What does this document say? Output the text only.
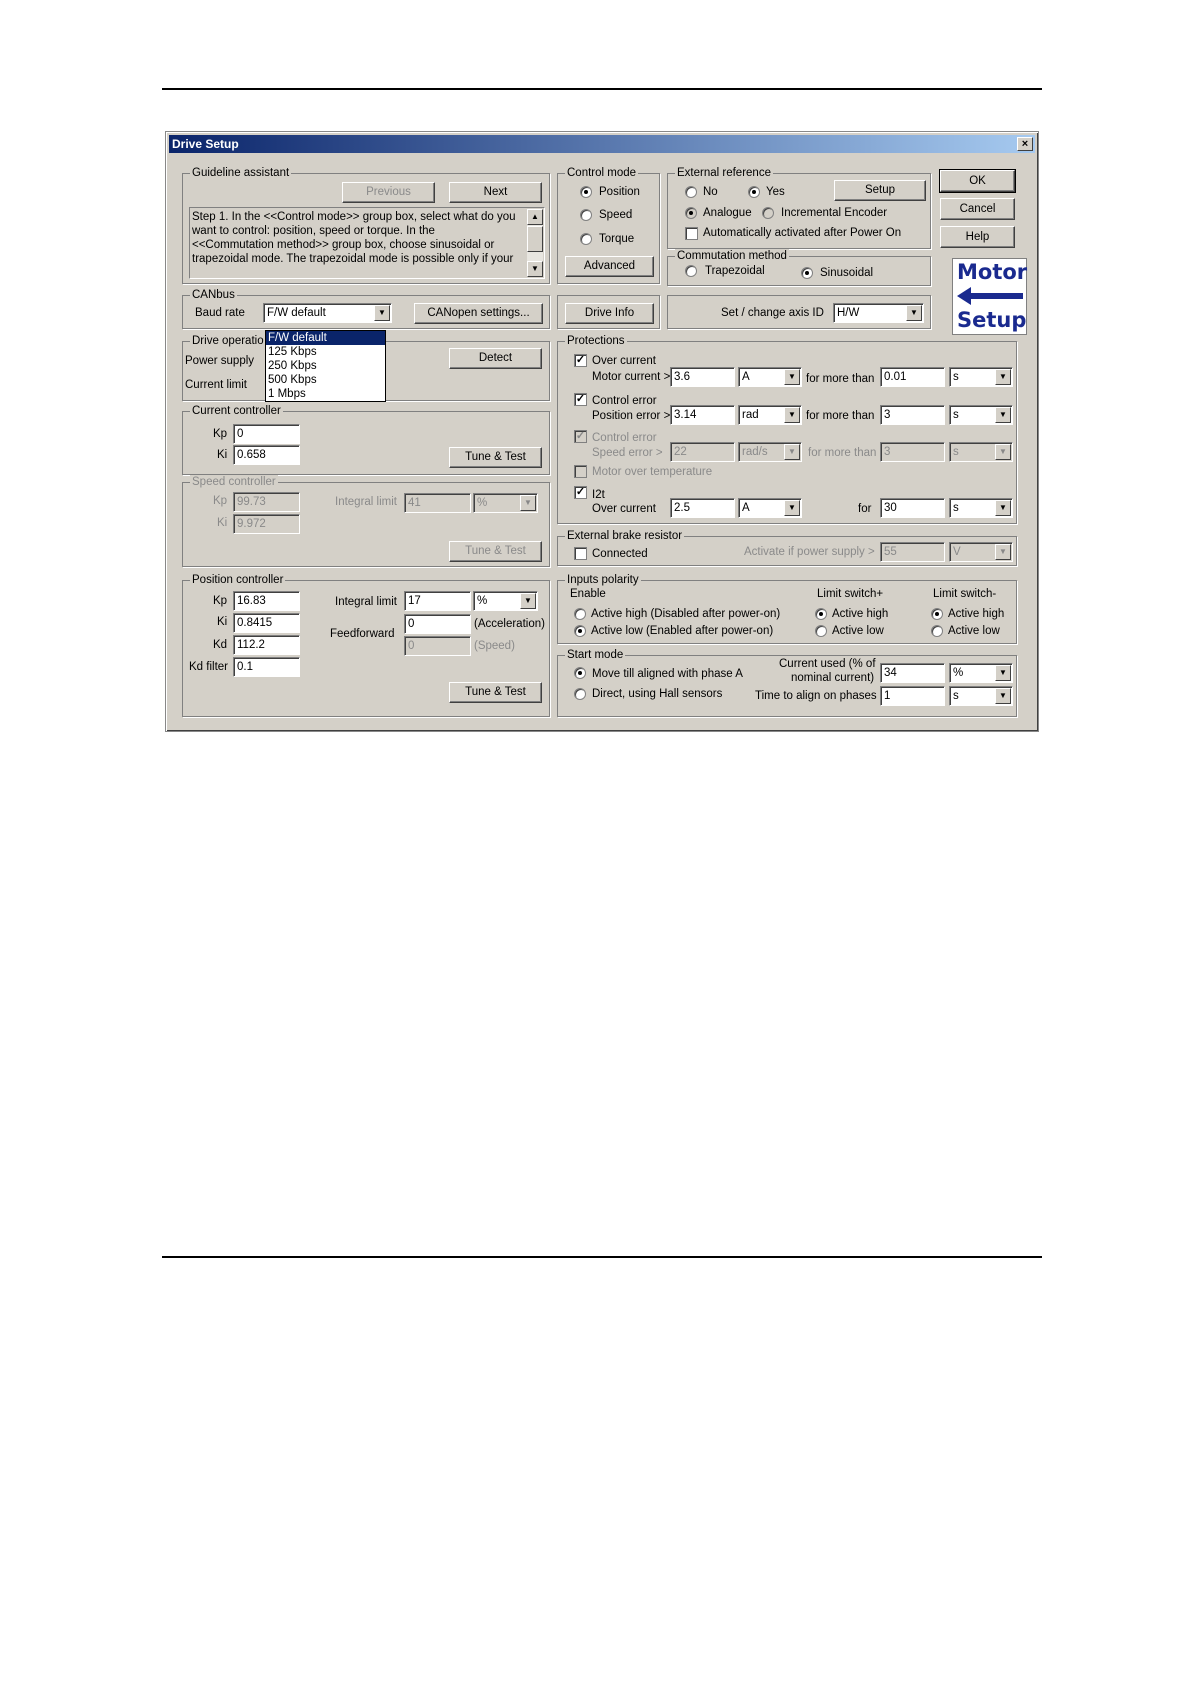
Drive Setup	×
Guideline assistant
Previous	Next
Step 1. In the <<Control mode>> group box, select what do you want to control: position, speed or torque. In the <<Commutation method>> group box, choose sinusoidal or trapezoidal mode. The trapezoidal mode is possible only if your
▲
▼
Control mode
Position
Speed
Torque
Advanced
External reference
No	Yes	Setup
Analogue	Incremental Encoder
Automatically activated after Power On
OK
Cancel
Help
Commutation method
Trapezoidal	Sinusoidal	Motor
Setup
CANbus
Baud rate	F/W default	▼	CANopen settings...	Drive Info	Set / change axis ID	H/W	▼
Drive operatio
Power supply
Current limit
Detect
Current controller
Kp 0
Ki 0.658	Tune & Test
Speed controller
Kp 99.73
Ki 9.972
Integral limit 41	%	▼
Tune & Test
Position controller
Kp 16.83
Ki 0.8415
Kd 112.2
Kd filter 0.1
Integral limit 17	%	▼
Feedforward
0	(Acceleration)
0	(Speed)
Tune & Test
Protections
✓ Over current
Motor current > 3.6	A	▼ for more than 0.01	s	▼
✓ Control error
Position error > 3.14	rad	▼ for more than 3	s	▼
✓ Control error
Speed error > 22	rad/s	▼	for more than 3	s	▼
Motor over temperature
✓ I2t
Over current	2.5	A	▼	for	30	s	▼
External brake resistor
Connected	Activate if power supply > 55	V	▼
Inputs polarity
Enable
Active high (Disabled after power-on)
Active low (Enabled after power-on)
Limit switch+
Active high
Active low
Limit switch-
Active high
Active low
Start mode
Move till aligned with phase A
Direct, using Hall sensors
Current used (% of
nominal current) 34	%	▼
Time to align on phases 1	s	▼
F/W default
125 Kbps
250 Kbps
500 Kbps
1 Mbps
